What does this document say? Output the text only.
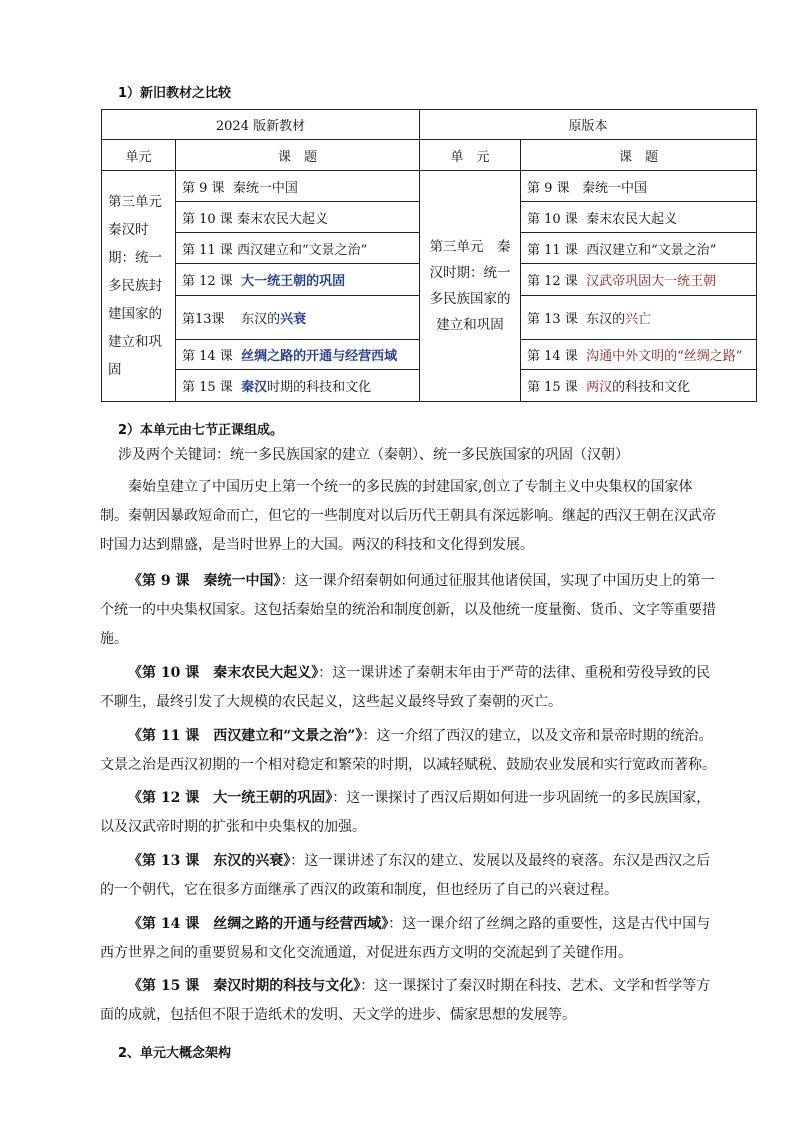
1）新旧教材之比较
2024 版新教材		原版本	
单元	课　题	单　元	课　题
第三单元秦汉时期：统一多民族封建国家的建立和巩固	第 9 课 秦统一中国	第三单元　秦汉时期：统一多民族国家的建立和巩固	第 9 课 秦统一中国
	第 10 课 秦末农民大起义		第 10 课 秦末农民大起义
	第 11 课 西汉建立和“文景之治”		第 11 课 西汉建立和“文景之治”
	第 12 课 大一统王朝的巩固		第 12 课 汉武帝巩固大一统王朝
	第13课 东汉的兴衰		第 13 课 东汉的兴亡
	第 14 课 丝绸之路的开通与经营西域		第 14 课 沟通中外文明的“丝绸之路”
	第 15 课 秦汉时期的科技和文化		第 15 课 两汉的科技和文化
2）本单元由七节正课组成。

涉及两个关键词：统一多民族国家的建立（秦朝）、统一多民族国家的巩固（汉朝）

秦始皇建立了中国历史上第一个统一的多民族的封建国家,创立了专制主义中央集权的国家体制。秦朝因暴政短命而亡，但它的一些制度对以后历代王朝具有深远影响。继起的西汉王朝在汉武帝时国力达到鼎盛，是当时世界上的大国。两汉的科技和文化得到发展。

《第 9 课　秦统一中国》：这一课介绍秦朝如何通过征服其他诸侯国，实现了中国历史上的第一个统一的中央集权国家。这包括秦始皇的统治和制度创新，以及他统一度量衡、货币、文字等重要措施。

《第 10 课　秦末农民大起义》：这一课讲述了秦朝末年由于严苛的法律、重税和劳役导致的民不聊生，最终引发了大规模的农民起义，这些起义最终导致了秦朝的灭亡。

《第 11 课　西汉建立和“文景之治”》：这一介绍了西汉的建立，以及文帝和景帝时期的统治。文景之治是西汉初期的一个相对稳定和繁荣的时期，以减轻赋税、鼓励农业发展和实行宽政而著称。

《第 12 课　大一统王朝的巩固》：这一课探讨了西汉后期如何进一步巩固统一的多民族国家，以及汉武帝时期的扩张和中央集权的加强。

《第 13 课　东汉的兴衰》：这一课讲述了东汉的建立、发展以及最终的衰落。东汉是西汉之后的一个朝代，它在很多方面继承了西汉的政策和制度，但也经历了自己的兴衰过程。

《第 14 课　丝绸之路的开通与经营西域》：这一课介绍了丝绸之路的重要性，这是古代中国与西方世界之间的重要贸易和文化交流通道，对促进东西方文明的交流起到了关键作用。

《第 15 课　秦汉时期的科技与文化》：这一课探讨了秦汉时期在科技、艺术、文学和哲学等方面的成就，包括但不限于造纸术的发明、天文学的进步、儒家思想的发展等。

2、单元大概念架构
